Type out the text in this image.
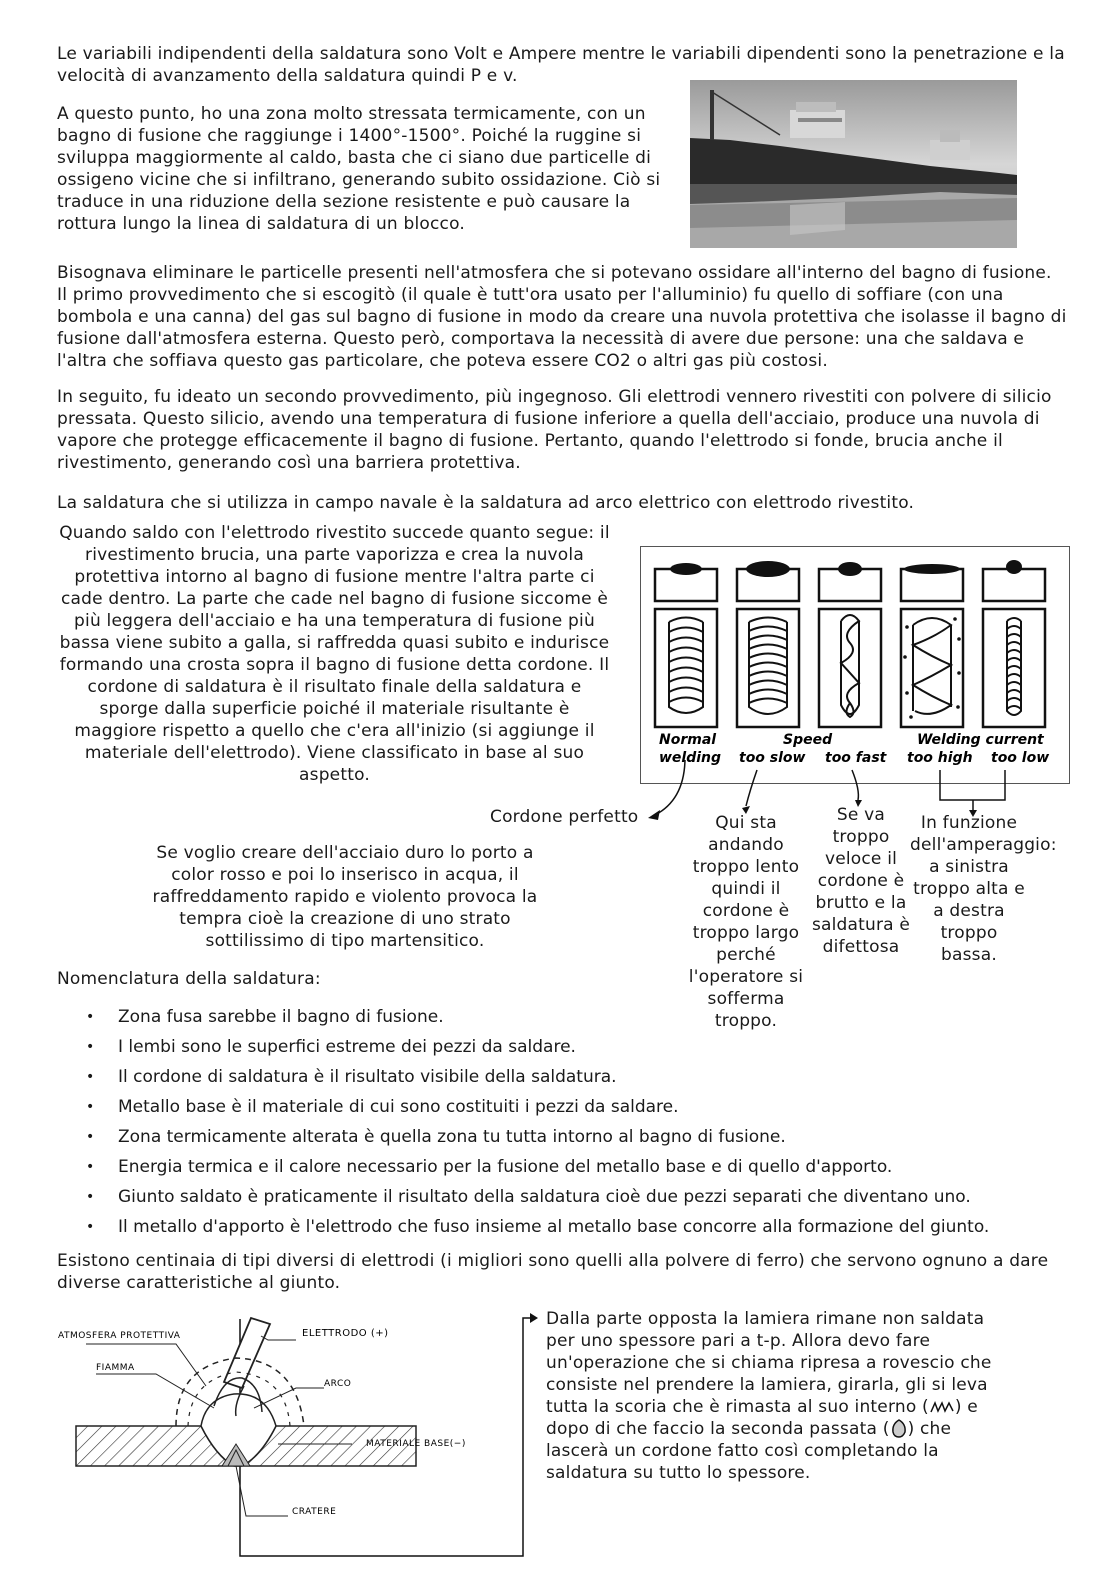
Le variabili indipendenti della saldatura sono Volt e Ampere mentre le variabili dipendenti sono la penetrazione e la velocità di avanzamento della saldatura quindi P e v.

A questo punto, ho una zona molto stressata termicamente, con un bagno di fusione che raggiunge i 1400°-1500°. Poiché la ruggine si sviluppa maggiormente al caldo, basta che ci siano due particelle di ossigeno vicine che si infiltrano, generando subito ossidazione. Ciò si traduce in una riduzione della sezione resistente e può causare la rottura lungo la linea di saldatura di un blocco.

Bisognava eliminare le particelle presenti nell'atmosfera che si potevano ossidare all'interno del bagno di fusione. Il primo provvedimento che si escogitò (il quale è tutt'ora usato per l'alluminio) fu quello di soffiare (con una bombola e una canna) del gas sul bagno di fusione in modo da creare una nuvola protettiva che isolasse il bagno di fusione dall'atmosfera esterna. Questo però, comportava la necessità di avere due persone: una che saldava e l'altra che soffiava questo gas particolare, che poteva essere CO2 o altri gas più costosi.

In seguito, fu ideato un secondo provvedimento, più ingegnoso. Gli elettrodi vennero rivestiti con polvere di silicio pressata. Questo silicio, avendo una temperatura di fusione inferiore a quella dell'acciaio, produce una nuvola di vapore che protegge efficacemente il bagno di fusione. Pertanto, quando l'elettrodo si fonde, brucia anche il rivestimento, generando così una barriera protettiva.

La saldatura che si utilizza in campo navale è la saldatura ad arco elettrico con elettrodo rivestito.

Quando saldo con l'elettrodo rivestito succede quanto segue: il rivestimento brucia, una parte vaporizza e crea la nuvola protettiva intorno al bagno di fusione mentre l'altra parte ci cade dentro. La parte che cade nel bagno di fusione siccome è più leggera dell'acciaio e ha una temperatura di fusione più bassa viene subito a galla, si raffredda quasi subito e indurisce formando una crosta sopra il bagno di fusione detta cordone. Il cordone di saldatura è il risultato finale della saldatura e sporge dalla superficie poiché il materiale risultante è maggiore rispetto a quello che c'era all'inizio (si aggiunge il materiale dell'elettrodo). Viene classificato in base al suo aspetto.

Normal
welding
Speed
too slow too fast
Welding current
too high too low
Cordone perfetto	Qui sta andando troppo lento quindi il cordone è troppo largo perché l'operatore si sofferma troppo.
Se va troppo veloce il cordone è brutto e la saldatura è difettosa
In funzione dell'amperaggio: a sinistra troppo alta e a destra troppo bassa.

Se voglio creare dell'acciaio duro lo porto a color rosso e poi lo inserisco in acqua, il raffreddamento rapido e violento provoca la tempra cioè la creazione di uno strato sottilissimo di tipo martensitico.

Nomenclatura della saldatura:

• Zona fusa sarebbe il bagno di fusione.
• I lembi sono le superfici estreme dei pezzi da saldare.
• Il cordone di saldatura è il risultato visibile della saldatura.
• Metallo base è il materiale di cui sono costituiti i pezzi da saldare.
• Zona termicamente alterata è quella zona tu tutta intorno al bagno di fusione.
• Energia termica e il calore necessario per la fusione del metallo base e di quello d'apporto.
• Giunto saldato è praticamente il risultato della saldatura cioè due pezzi separati che diventano uno.
• Il metallo d'apporto è l'elettrodo che fuso insieme al metallo base concorre alla formazione del giunto.

Esistono centinaia di tipi diversi di elettrodi (i migliori sono quelli alla polvere di ferro) che servono ognuno a dare diverse caratteristiche al giunto.

ATMOSFERA PROTETTIVA	ELETTRODO (+)
FIAMMA
ARCO
MATERIALE BASE(−)
CRATERE

Dalla parte opposta la lamiera rimane non saldata per uno spessore pari a t-p. Allora devo fare un'operazione che si chiama ripresa a rovescio che consiste nel prendere la lamiera, girarla, gli si leva tutta la scoria che è rimasta al suo interno ( ) e dopo di che faccio la seconda passata ( ) che lascerà un cordone fatto così completando la saldatura su tutto lo spessore.
